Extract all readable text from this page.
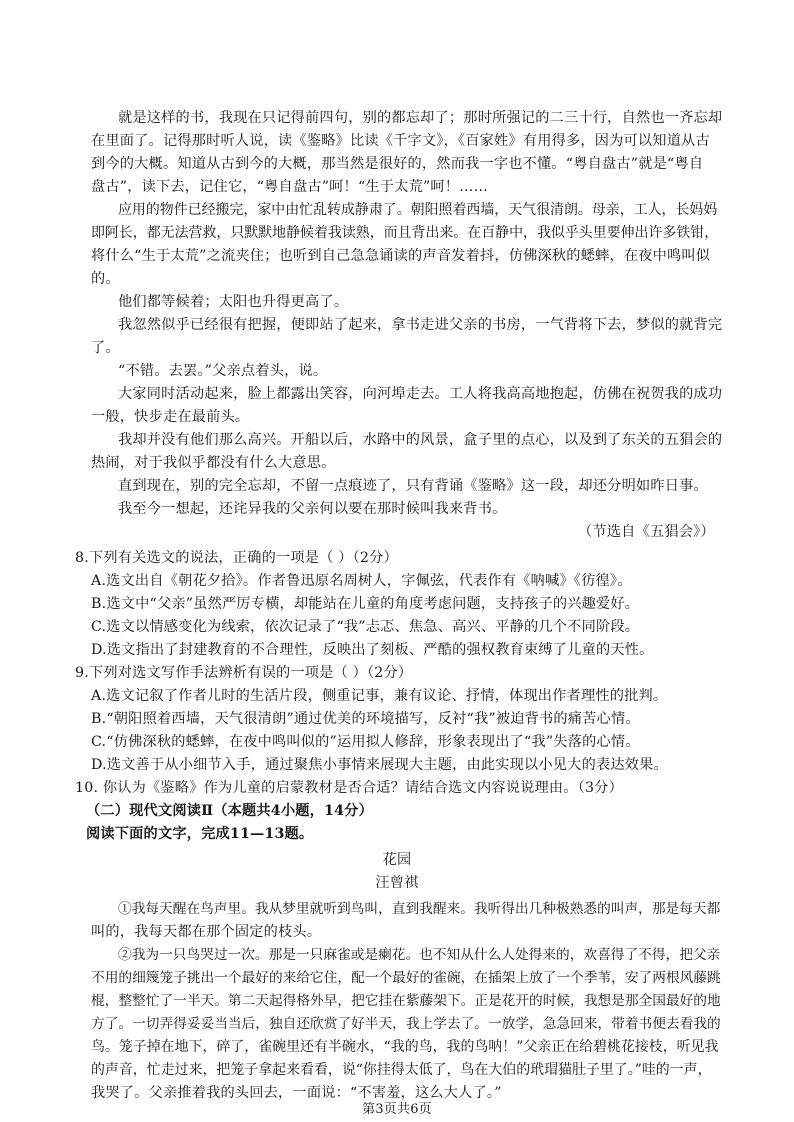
就是这样的书，我现在只记得前四句，别的都忘却了；那时所强记的二三十行，自然也一齐忘却
在里面了。记得那时听人说，读《鉴略》比读《千字文》，《百家姓》有用得多，因为可以知道从古
到今的大概。知道从古到今的大概，那当然是很好的，然而我一字也不懂。“粤自盘古”就是“粤自
盘古”，读下去，记住它，“粤自盘古”呵！“生于太荒”呵！……
应用的物件已经搬完，家中由忙乱转成静肃了。朝阳照着西墙，天气很清朗。母亲，工人，长妈妈
即阿长，都无法营救，只默默地静候着我读熟，而且背出来。在百静中，我似乎头里要伸出许多铁钳，
将什么“生于太荒”之流夹住；也听到自己急急诵读的声音发着抖，仿佛深秋的蟋蟀，在夜中鸣叫似
的。
他们都等候着；太阳也升得更高了。
我忽然似乎已经很有把握，便即站了起来，拿书走进父亲的书房，一气背将下去，梦似的就背完
了。
“不错。去罢。”父亲点着头，说。
大家同时活动起来，脸上都露出笑容，向河埠走去。工人将我高高地抱起，仿佛在祝贺我的成功
一般，快步走在最前头。
我却并没有他们那么高兴。开船以后，水路中的风景，盒子里的点心，以及到了东关的五猖会的
热闹，对于我似乎都没有什么大意思。
直到现在，别的完全忘却，不留一点痕迹了，只有背诵《鉴略》这一段，却还分明如昨日事。
我至今一想起，还诧异我的父亲何以要在那时候叫我来背书。
（节选自《五猖会》）
8.下列有关选文的说法，正确的一项是（ ）（2分）
A.选文出自《朝花夕拾》。作者鲁迅原名周树人，字佩弦，代表作有《呐喊》《彷徨》。
B.选文中“父亲”虽然严厉专横，却能站在儿童的角度考虑问题，支持孩子的兴趣爱好。
C.选文以情感变化为线索，依次记录了“我”忐忑、焦急、高兴、平静的几个不同阶段。
D.选文指出了封建教育的不合理性，反映出了刻板、严酷的强权教育束缚了儿童的天性。
9.下列对选文写作手法辨析有误的一项是（ ）（2分）
A.选文记叙了作者儿时的生活片段，侧重记事，兼有议论、抒情，体现出作者理性的批判。
B.“朝阳照着西墙，天气很清朗”通过优美的环境描写，反衬“我”被迫背书的痛苦心情。
C.“仿佛深秋的蟋蟀，在夜中鸣叫似的”运用拟人修辞，形象表现出了“我”失落的心情。
D.选文善于从小细节入手，通过聚焦小事情来展现大主题，由此实现以小见大的表达效果。
10. 你认为《鉴略》作为儿童的启蒙教材是否合适？请结合选文内容说说理由。（3分）
（二）现代文阅读Ⅱ（本题共4小题，14分）
阅读下面的文字，完成11—13题。
花园
汪曾祺
①我每天醒在鸟声里。我从梦里就听到鸟叫，直到我醒来。我听得出几种极熟悉的叫声，那是每天都
叫的，我每天都在那个固定的枝头。
②我为一只鸟哭过一次。那是一只麻雀或是瘌花。也不知从什么人处得来的，欢喜得了不得，把父亲
不用的细篾笼子挑出一个最好的来给它住，配一个最好的雀碗，在插架上放了一个季苇，安了两根风藤跳
棍，整整忙了一半天。第二天起得格外早，把它挂在紫藤架下。正是花开的时候，我想是那全国最好的地
方了。一切弄得妥妥当当后，独自还欣赏了好半天，我上学去了。一放学，急急回来，带着书便去看我的
鸟。笼子掉在地下，碎了，雀碗里还有半碗水，“我的鸟，我的鸟呐！”父亲正在给碧桃花接枝，听见我
的声音，忙走过来，把笼子拿起来看看，说“你挂得太低了，鸟在大伯的玳瑁猫肚子里了。”哇的一声，
我哭了。父亲推着我的头回去，一面说：“不害羞，这么大人了。”
第3页共6页
